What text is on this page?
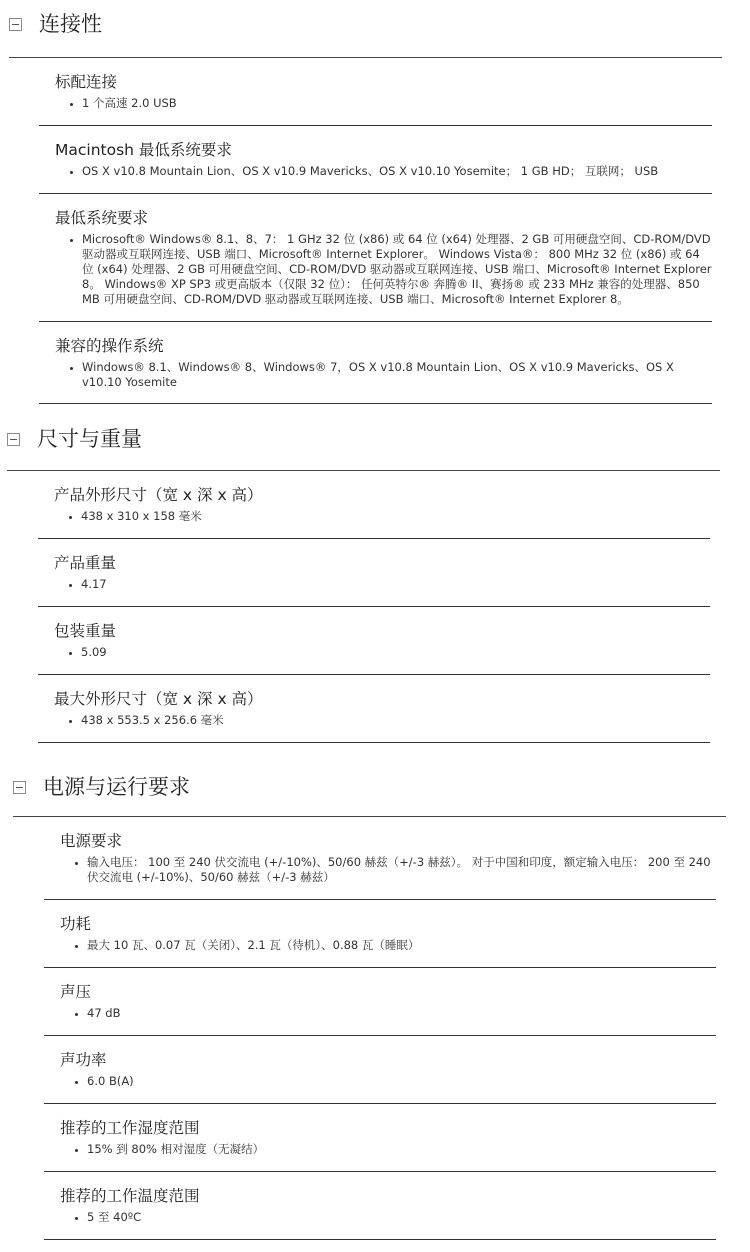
连接性
标配连接
• 1 个高速 2.0 USB
Macintosh 最低系统要求
• OS X v10.8 Mountain Lion、OS X v10.9 Mavericks、OS X v10.10 Yosemite； 1 GB HD； 互联网； USB
最低系统要求
• Microsoft® Windows® 8.1、8、7： 1 GHz 32 位 (x86) 或 64 位 (x64) 处理器、2 GB 可用硬盘空间、CD-ROM/DVD 驱动器或互联网连接、USB 端口、Microsoft® Internet Explorer。 Windows Vista®： 800 MHz 32 位 (x86) 或 64 位 (x64) 处理器、2 GB 可用硬盘空间、CD-ROM/DVD 驱动器或互联网连接、USB 端口、Microsoft® Internet Explorer 8。 Windows® XP SP3 或更高版本（仅限 32 位）： 任何英特尔® 奔腾® II、赛扬® 或 233 MHz 兼容的处理器、850 MB 可用硬盘空间、CD-ROM/DVD 驱动器或互联网连接、USB 端口、Microsoft® Internet Explorer 8。
兼容的操作系统
• Windows® 8.1、Windows® 8、Windows® 7，OS X v10.8 Mountain Lion、OS X v10.9 Mavericks、OS X v10.10 Yosemite
尺寸与重量
产品外形尺寸（宽 x 深 x 高）
• 438 x 310 x 158 毫米
产品重量
• 4.17
包装重量
• 5.09
最大外形尺寸（宽 x 深 x 高）
• 438 x 553.5 x 256.6 毫米
电源与运行要求
电源要求
• 输入电压： 100 至 240 伏交流电 (+/-10%)、50/60 赫兹（+/-3 赫兹）。 对于中国和印度，额定输入电压： 200 至 240 伏交流电 (+/-10%)、50/60 赫兹（+/-3 赫兹）
功耗
• 最大 10 瓦、0.07 瓦（关闭）、2.1 瓦（待机）、0.88 瓦（睡眠）
声压
• 47 dB
声功率
• 6.0 B(A)
推荐的工作湿度范围
• 15% 到 80% 相对湿度（无凝结）
推荐的工作温度范围
• 5 至 40ºC
